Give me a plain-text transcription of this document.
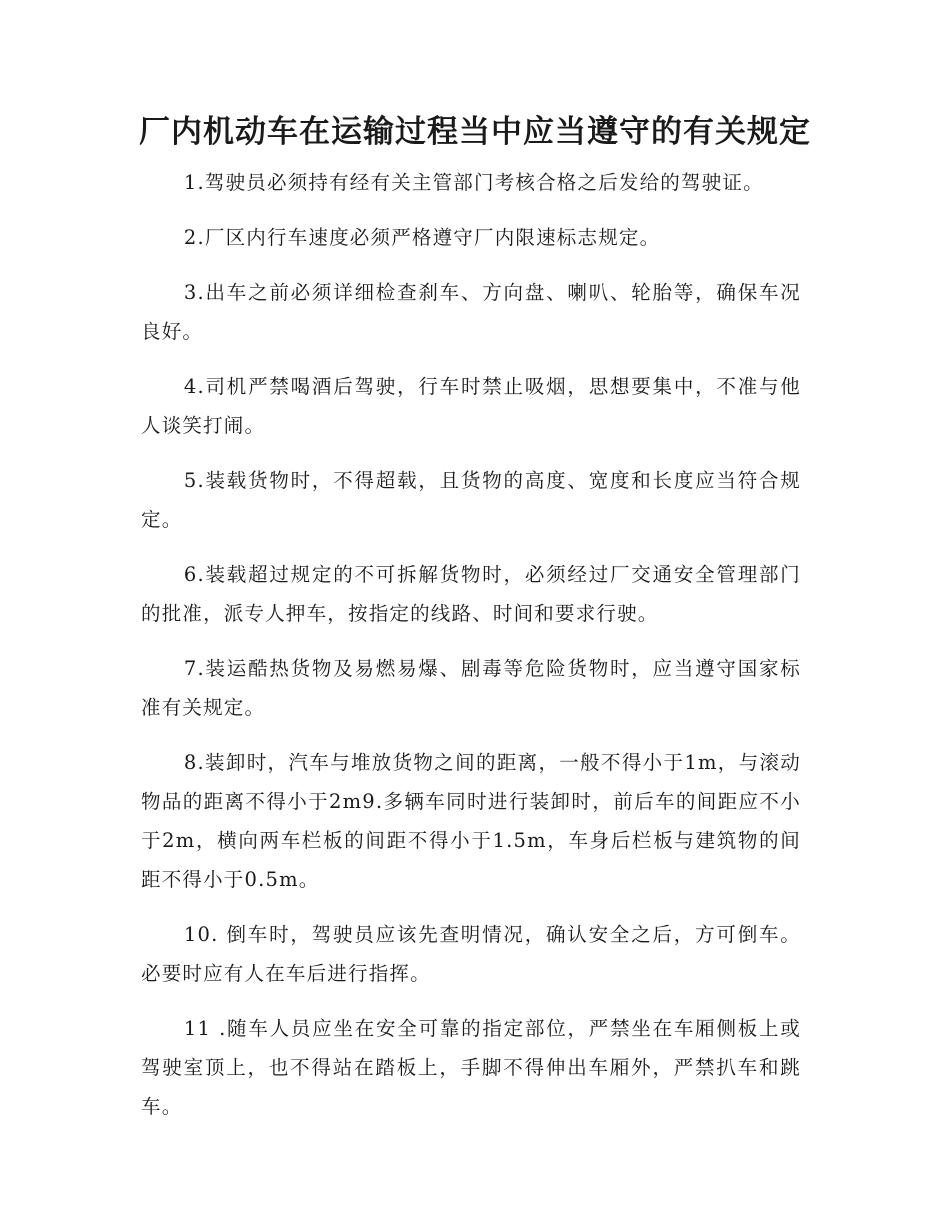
厂内机动车在运输过程当中应当遵守的有关规定

1.驾驶员必须持有经有关主管部门考核合格之后发给的驾驶证。

2.厂区内行车速度必须严格遵守厂内限速标志规定。

3.出车之前必须详细检查刹车、方向盘、喇叭、轮胎等，确保车况良好。

4.司机严禁喝酒后驾驶，行车时禁止吸烟，思想要集中，不准与他人谈笑打闹。

5.装载货物时，不得超载，且货物的高度、宽度和长度应当符合规定。

6.装载超过规定的不可拆解货物时，必须经过厂交通安全管理部门的批准，派专人押车，按指定的线路、时间和要求行驶。

7.装运酷热货物及易燃易爆、剧毒等危险货物时，应当遵守国家标准有关规定。

8.装卸时，汽车与堆放货物之间的距离，一般不得小于1m，与滚动物品的距离不得小于2m9.多辆车同时进行装卸时，前后车的间距应不小于2m，横向两车栏板的间距不得小于1.5m，车身后栏板与建筑物的间距不得小于0.5m。

10. 倒车时，驾驶员应该先查明情况，确认安全之后，方可倒车。必要时应有人在车后进行指挥。

11 .随车人员应坐在安全可靠的指定部位，严禁坐在车厢侧板上或驾驶室顶上，也不得站在踏板上，手脚不得伸出车厢外，严禁扒车和跳车。
